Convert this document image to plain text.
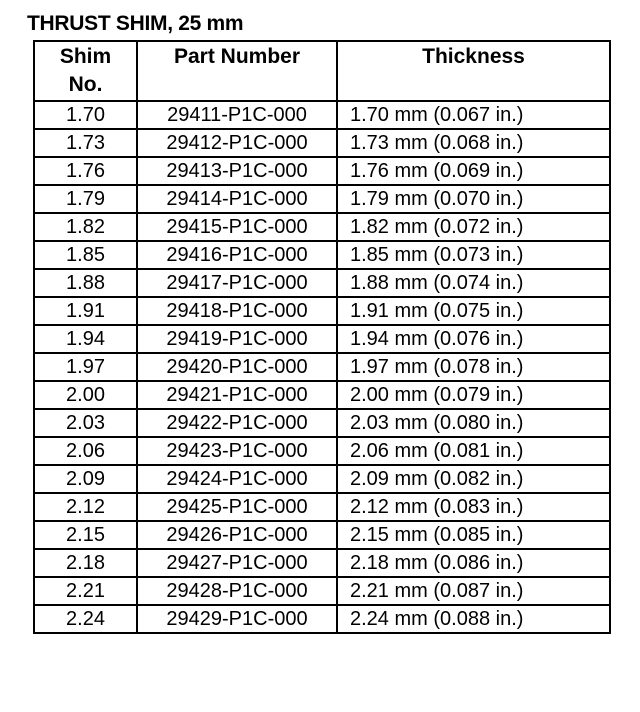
THRUST SHIM, 25 mm
Shim
No.	Part Number	Thickness
1.70	29411-P1C-000	1.70 mm (0.067 in.)
1.73	29412-P1C-000	1.73 mm (0.068 in.)
1.76	29413-P1C-000	1.76 mm (0.069 in.)
1.79	29414-P1C-000	1.79 mm (0.070 in.)
1.82	29415-P1C-000	1.82 mm (0.072 in.)
1.85	29416-P1C-000	1.85 mm (0.073 in.)
1.88	29417-P1C-000	1.88 mm (0.074 in.)
1.91	29418-P1C-000	1.91 mm (0.075 in.)
1.94	29419-P1C-000	1.94 mm (0.076 in.)
1.97	29420-P1C-000	1.97 mm (0.078 in.)
2.00	29421-P1C-000	2.00 mm (0.079 in.)
2.03	29422-P1C-000	2.03 mm (0.080 in.)
2.06	29423-P1C-000	2.06 mm (0.081 in.)
2.09	29424-P1C-000	2.09 mm (0.082 in.)
2.12	29425-P1C-000	2.12 mm (0.083 in.)
2.15	29426-P1C-000	2.15 mm (0.085 in.)
2.18	29427-P1C-000	2.18 mm (0.086 in.)
2.21	29428-P1C-000	2.21 mm (0.087 in.)
2.24	29429-P1C-000	2.24 mm (0.088 in.)
